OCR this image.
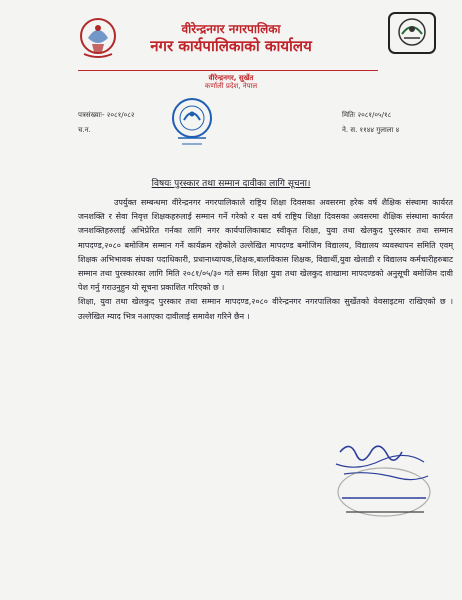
वीरेन्द्रनगर नगरपालिका
नगर कार्यपालिकाको कार्यालय
वीरेन्द्रनगर, सुर्खेत
कर्णाली प्रदेश, नेपाल
पत्रसंख्याः- २०८१/०८२
च.न.
मितिः २०८१/०५/१८
ने. स. ११४४ गुलाला ४
विषयः पुरस्कार तथा सम्मान दावीका लागि सूचना।

उपर्युक्त सम्बन्धमा वीरेन्द्रनगर नगरपालिकाले राष्ट्रिय शिक्षा दिवसका अवसरमा हरेक वर्ष शैक्षिक संस्थामा कार्यरत जनशक्ति र सेवा निवृत्त शिक्षकहरुलाई सम्मान गर्ने गरेको र यस वर्ष राष्ट्रिय शिक्षा दिवसका अवसरमा शैक्षिक संस्थामा कार्यरत जनशक्तिहरुलाई अभिप्रेरित गर्नका लागि नगर कार्यपालिकाबाट स्वीकृत शिक्षा, युवा तथा खेलकुद पुरस्कार तथा सम्मान मापदण्ड,२०८० बमोजिम सम्मान गर्ने कार्यक्रम रहेकोले उल्लेखित मापदण्ड बमोजिम विद्यालय, विद्यालय व्यवस्थापन समिति एवम् शिक्षक अभिभावक संघका पदाधिकारी, प्रधानाध्यापक,शिक्षक,बालविकास शिक्षक, विद्यार्थी,युवा खेलाडी र विद्यालय कर्मचारीहरुबाट सम्मान तथा पुरस्कारका लागि मिति २०८१/०५/३० गते सम्म शिक्षा युवा तथा खेलकुद शाखामा मापदण्डको अनुसूची बमोजिम दावी पेश गर्नु गराउनुहुन यो सूचना प्रकाशित गरिएको छ ।

शिक्षा, युवा तथा खेलकुद पुरस्कार तथा सम्मान मापदण्ड,२०८० वीरेन्द्रनगर नगरपालिका सुर्खेतको वेवसाइटमा राखिएको छ । उल्लेखित म्याद भित्र नआएका दावीलाई समावेश गरिने छैन ।
